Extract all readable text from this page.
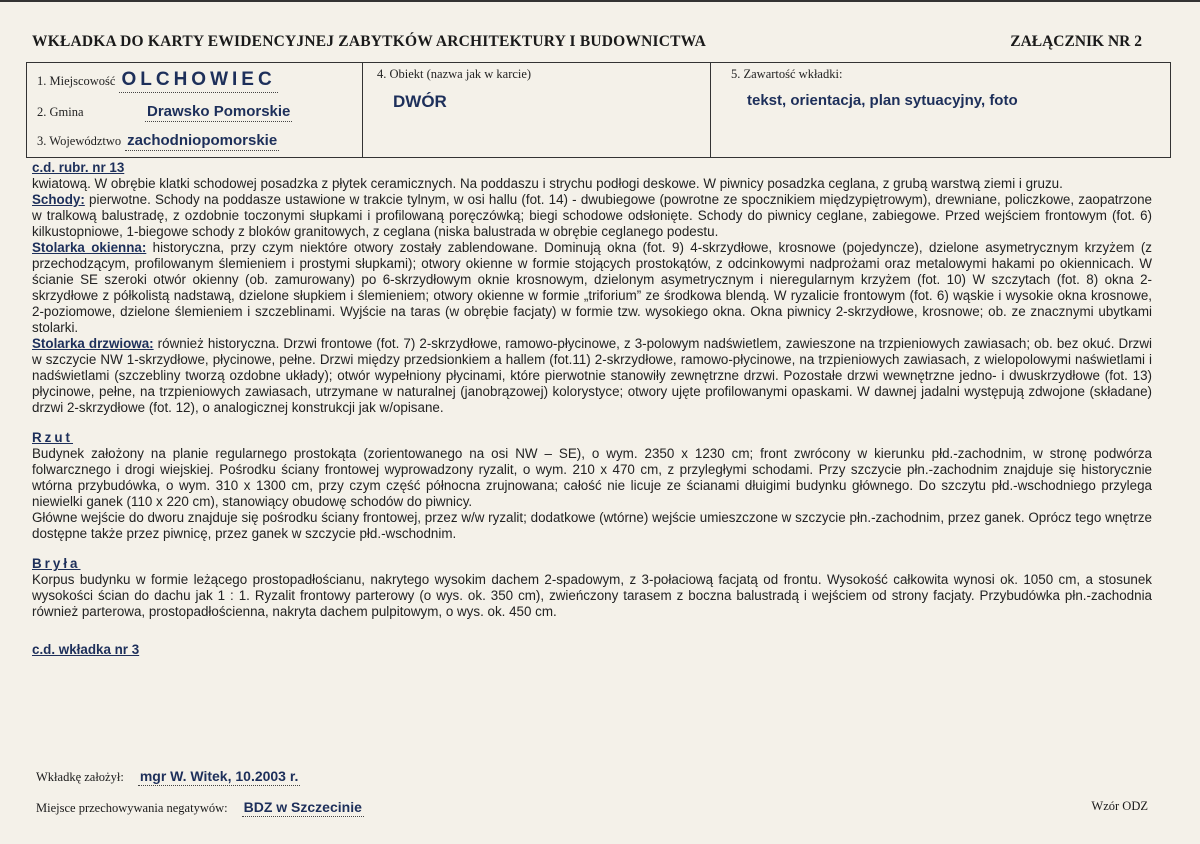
WKŁADKA DO KARTY EWIDENCYJNEJ ZABYTKÓW ARCHITEKTURY I BUDOWNICTWA	ZAŁĄCZNIK NR 2
1. Miejscowość OLCHOWIEC
2. Gmina	Drawsko Pomorskie
3. Województwo zachodniopomorskie
4. Obiekt (nazwa jak w karcie)
DWÓR
5. Zawartość wkładki:
tekst, orientacja, plan sytuacyjny, foto

c.d. rubr. nr 13

kwiatową. W obrębie klatki schodowej posadzka z płytek ceramicznych. Na poddaszu i strychu podłogi deskowe. W piwnicy posadzka ceglana, z grubą warstwą ziemi i gruzu.

Schody: pierwotne. Schody na poddasze ustawione w trakcie tylnym, w osi hallu (fot. 14) - dwubiegowe (powrotne ze spocznikiem międzypiętrowym), drewniane, policzkowe, zaopatrzone w tralkową balustradę, z ozdobnie toczonymi słupkami i profilowaną poręczówką; biegi schodowe odsłonięte. Schody do piwnicy ceglane, zabiegowe. Przed wejściem frontowym (fot. 6) kilkustopniowe, 1-biegowe schody z bloków granitowych, z ceglana (niska balustrada w obrębie ceglanego podestu.

Stolarka okienna: historyczna, przy czym niektóre otwory zostały zablendowane. Dominują okna (fot. 9) 4-skrzydłowe, krosnowe (pojedyncze), dzielone asymetrycznym krzyżem (z przechodzącym, profilowanym ślemieniem i prostymi słupkami); otwory okienne w formie stojących prostokątów, z odcinkowymi nadprożami oraz metalowymi hakami po okiennicach. W ścianie SE szeroki otwór okienny (ob. zamurowany) po 6-skrzydłowym oknie krosnowym, dzielonym asymetrycznym i nieregularnym krzyżem (fot. 10) W szczytach (fot. 8) okna 2-skrzydłowe z półkolistą nadstawą, dzielone słupkiem i ślemieniem; otwory okienne w formie „triforium” ze środkowa blendą. W ryzalicie frontowym (fot. 6) wąskie i wysokie okna krosnowe, 2-poziomowe, dzielone ślemieniem i szczeblinami. Wyjście na taras (w obrębie facjaty) w formie tzw. wysokiego okna. Okna piwnicy 2-skrzydłowe, krosnowe; ob. ze znacznymi ubytkami stolarki.

Stolarka drzwiowa: również historyczna. Drzwi frontowe (fot. 7) 2-skrzydłowe, ramowo-płycinowe, z 3-polowym nadświetlem, zawieszone na trzpieniowych zawiasach; ob. bez okuć. Drzwi w szczycie NW 1-skrzydłowe, płycinowe, pełne. Drzwi między przedsionkiem a hallem (fot.11) 2-skrzydłowe, ramowo-płycinowe, na trzpieniowych zawiasach, z wielopolowymi naświetlami i nadświetlami (szczebliny tworzą ozdobne układy); otwór wypełniony płycinami, które pierwotnie stanowiły zewnętrzne drzwi. Pozostałe drzwi wewnętrzne jedno- i dwuskrzydłowe (fot. 13) płycinowe, pełne, na trzpieniowych zawiasach, utrzymane w naturalnej (janobrązowej) kolorystyce; otwory ujęte profilowanymi opaskami. W dawnej jadalni występują zdwojone (składane) drzwi 2-skrzydłowe (fot. 12), o analogicznej konstrukcji jak w/opisane.

Rzut

Budynek założony na planie regularnego prostokąta (zorientowanego na osi NW – SE), o wym. 2350 x 1230 cm; front zwrócony w kierunku płd.-zachodnim, w stronę podwórza folwarcznego i drogi wiejskiej. Pośrodku ściany frontowej wyprowadzony ryzalit, o wym. 210 x 470 cm, z przyległymi schodami. Przy szczycie płn.-zachodnim znajduje się historycznie wtórna przybudówka, o wym. 310 x 1300 cm, przy czym część północna zrujnowana; całość nie licuje ze ścianami dłuigimi budynku głównego. Do szczytu płd.-wschodniego przylega niewielki ganek (110 x 220 cm), stanowiący obudowę schodów do piwnicy.

Główne wejście do dworu znajduje się pośrodku ściany frontowej, przez w/w ryzalit; dodatkowe (wtórne) wejście umieszczone w szczycie płn.-zachodnim, przez ganek. Oprócz tego wnętrze dostępne także przez piwnicę, przez ganek w szczycie płd.-wschodnim.

Bryła

Korpus budynku w formie leżącego prostopadłościanu, nakrytego wysokim dachem 2-spadowym, z 3-połaciową facjatą od frontu. Wysokość całkowita wynosi ok. 1050 cm, a stosunek wysokości ścian do dachu jak 1 : 1. Ryzalit frontowy parterowy (o wys. ok. 350 cm), zwieńczony tarasem z boczna balustradą i wejściem od strony facjaty. Przybudówka płn.-zachodnia również parterowa, prostopadłościenna, nakryta dachem pulpitowym, o wys. ok. 450 cm.

c.d. wkładka nr 3

Wkładkę założył: mgr W. Witek, 10.2003 r.
Miejsce przechowywania negatywów: BDZ w Szczecinie	Wzór ODZ
